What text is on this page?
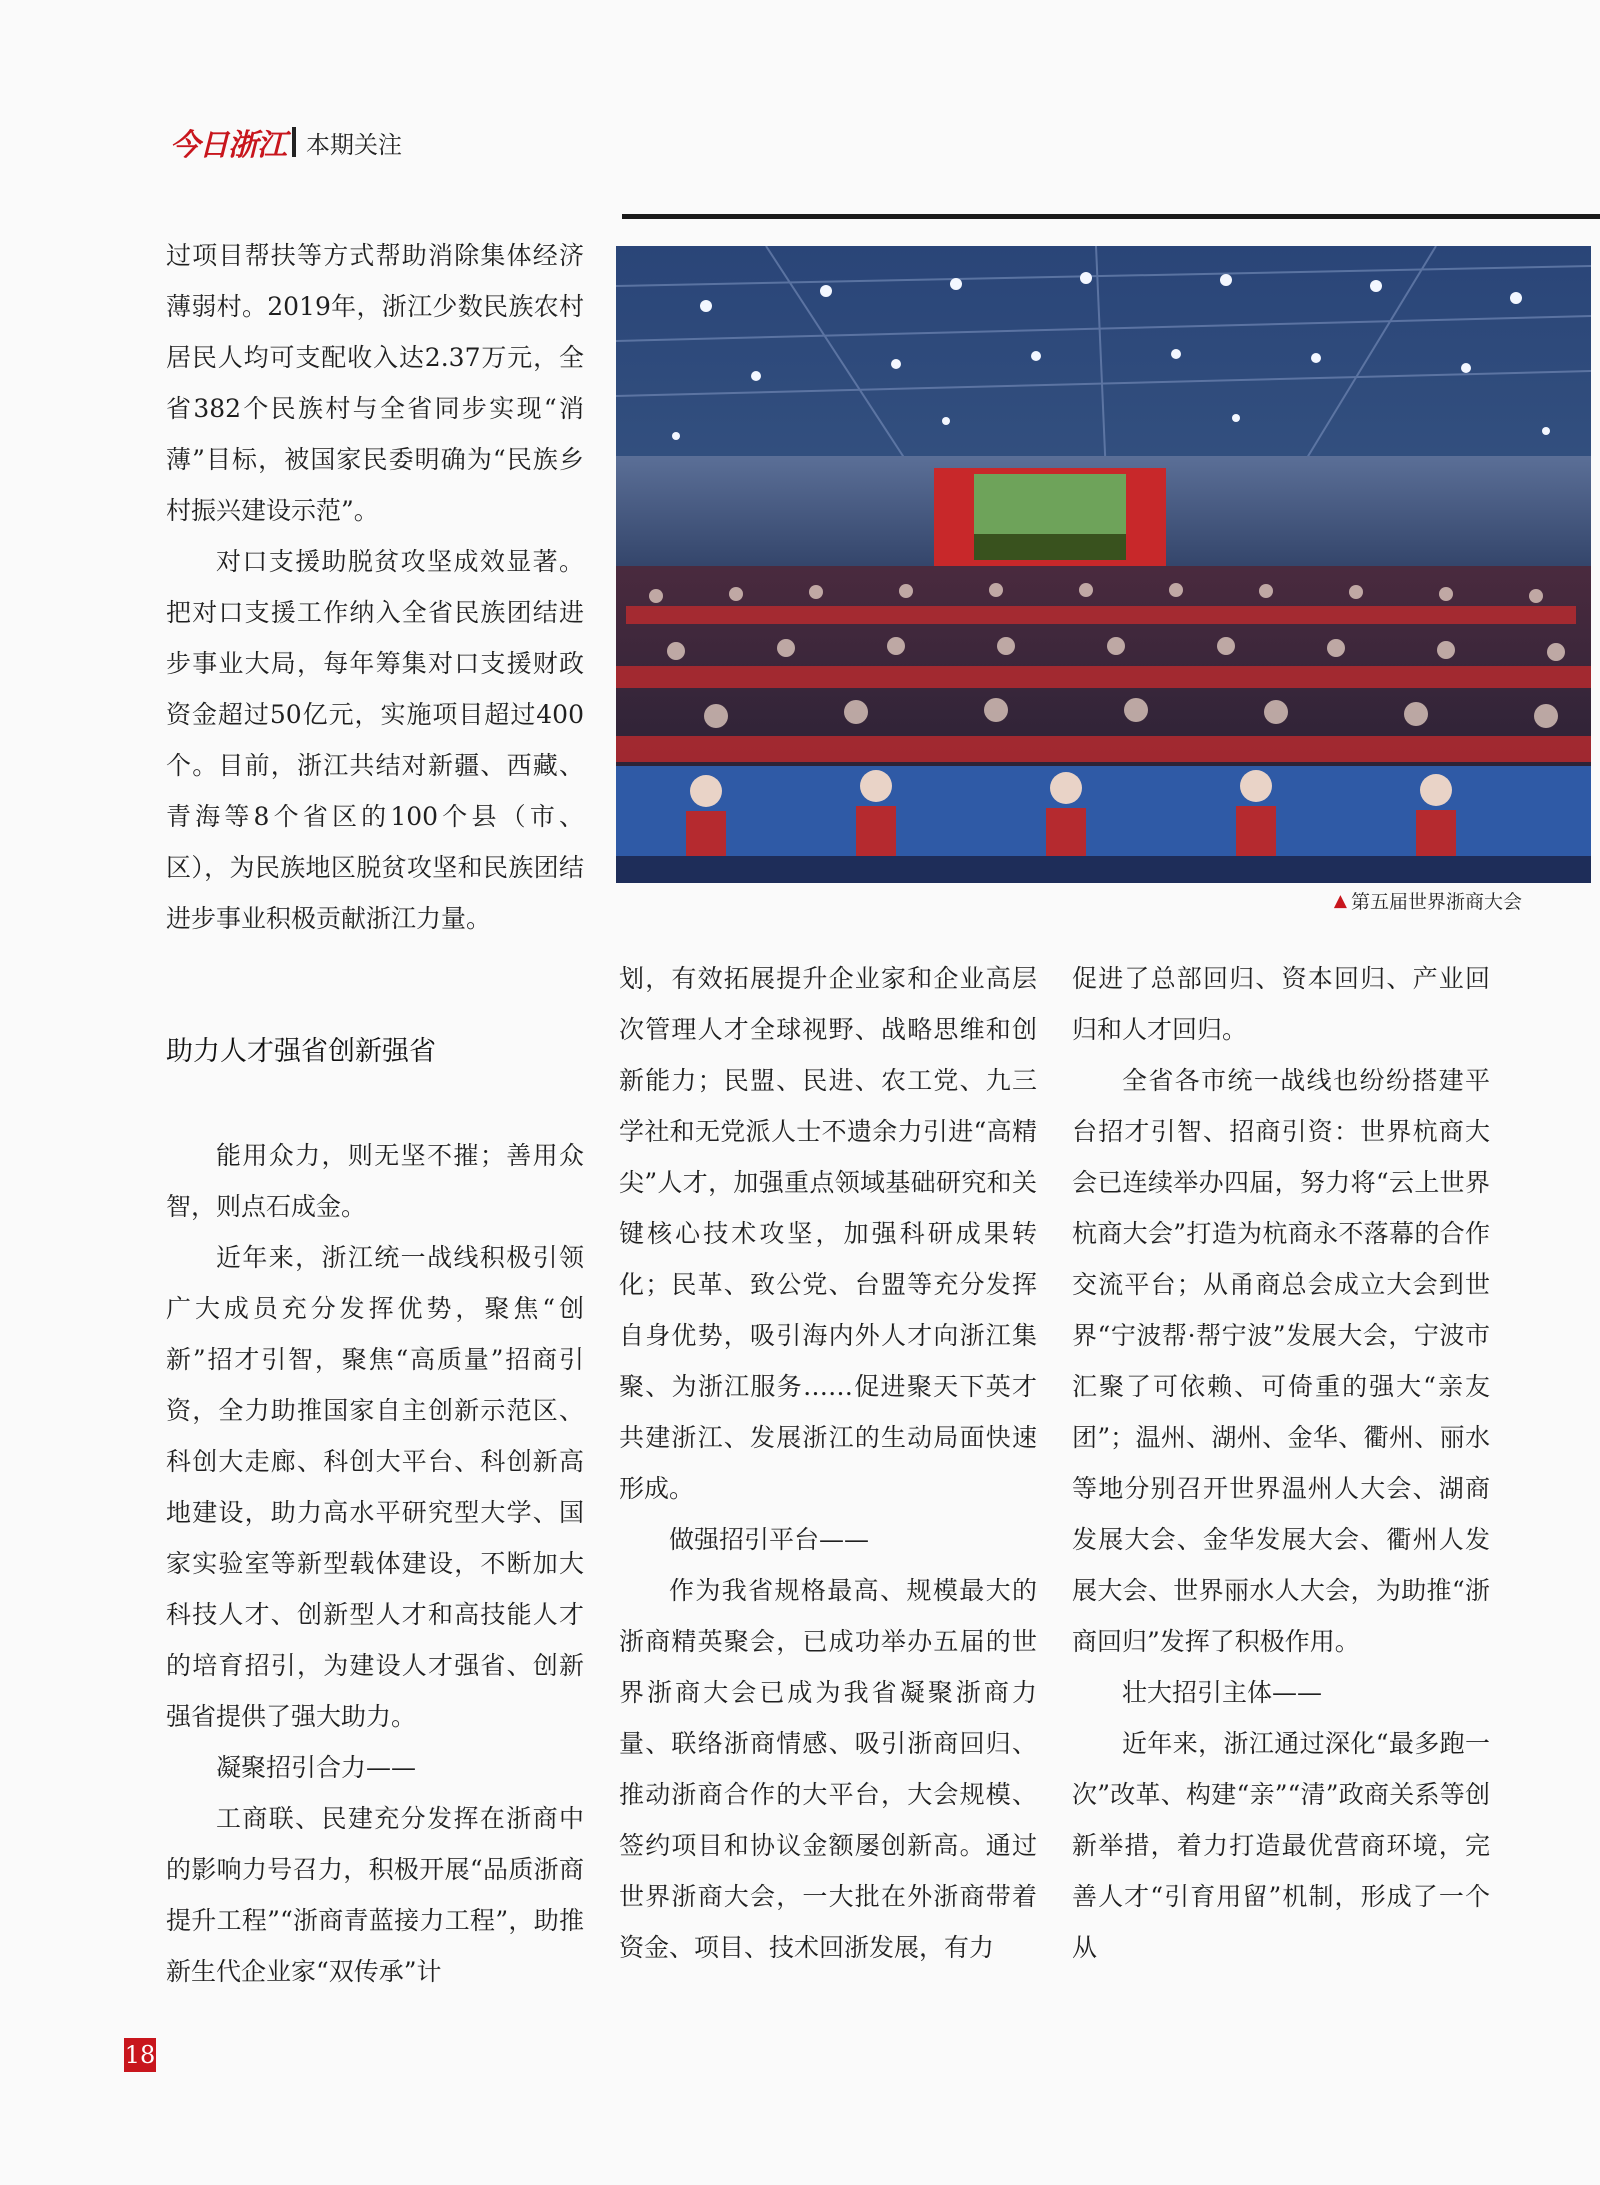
今日浙江 本期关注
▲ 第五届世界浙商大会

过项目帮扶等方式帮助消除集体经济薄弱村。2019年，浙江少数民族农村居民人均可支配收入达2.37万元，全省382个民族村与全省同步实现“消薄”目标，被国家民委明确为“民族乡村振兴建设示范”。

对口支援助脱贫攻坚成效显著。把对口支援工作纳入全省民族团结进步事业大局，每年筹集对口支援财政资金超过50亿元，实施项目超过400个。目前，浙江共结对新疆、西藏、青海等8个省区的100个县（市、区），为民族地区脱贫攻坚和民族团结进步事业积极贡献浙江力量。

助力人才强省创新强省

能用众力，则无坚不摧；善用众智，则点石成金。

近年来，浙江统一战线积极引领广大成员充分发挥优势，聚焦“创新”招才引智，聚焦“高质量”招商引资，全力助推国家自主创新示范区、科创大走廊、科创大平台、科创新高地建设，助力高水平研究型大学、国家实验室等新型载体建设，不断加大科技人才、创新型人才和高技能人才的培育招引，为建设人才强省、创新强省提供了强大助力。

凝聚招引合力——

工商联、民建充分发挥在浙商中的影响力号召力，积极开展“品质浙商提升工程”“浙商青蓝接力工程”，助推新生代企业家“双传承”计

划，有效拓展提升企业家和企业高层次管理人才全球视野、战略思维和创新能力；民盟、民进、农工党、九三学社和无党派人士不遗余力引进“高精尖”人才，加强重点领域基础研究和关键核心技术攻坚，加强科研成果转化；民革、致公党、台盟等充分发挥自身优势，吸引海内外人才向浙江集聚、为浙江服务……促进聚天下英才共建浙江、发展浙江的生动局面快速形成。

做强招引平台——

作为我省规格最高、规模最大的浙商精英聚会，已成功举办五届的世界浙商大会已成为我省凝聚浙商力量、联络浙商情感、吸引浙商回归、推动浙商合作的大平台，大会规模、签约项目和协议金额屡创新高。通过世界浙商大会，一大批在外浙商带着资金、项目、技术回浙发展，有力

促进了总部回归、资本回归、产业回归和人才回归。

全省各市统一战线也纷纷搭建平台招才引智、招商引资：世界杭商大会已连续举办四届，努力将“云上世界杭商大会”打造为杭商永不落幕的合作交流平台；从甬商总会成立大会到世界“宁波帮·帮宁波”发展大会，宁波市汇聚了可依赖、可倚重的强大“亲友团”；温州、湖州、金华、衢州、丽水等地分别召开世界温州人大会、湖商发展大会、金华发展大会、衢州人发展大会、世界丽水人大会，为助推“浙商回归”发挥了积极作用。

壮大招引主体——

近年来，浙江通过深化“最多跑一次”改革、构建“亲”“清”政商关系等创新举措，着力打造最优营商环境，完善人才“引育用留”机制，形成了一个从

18
